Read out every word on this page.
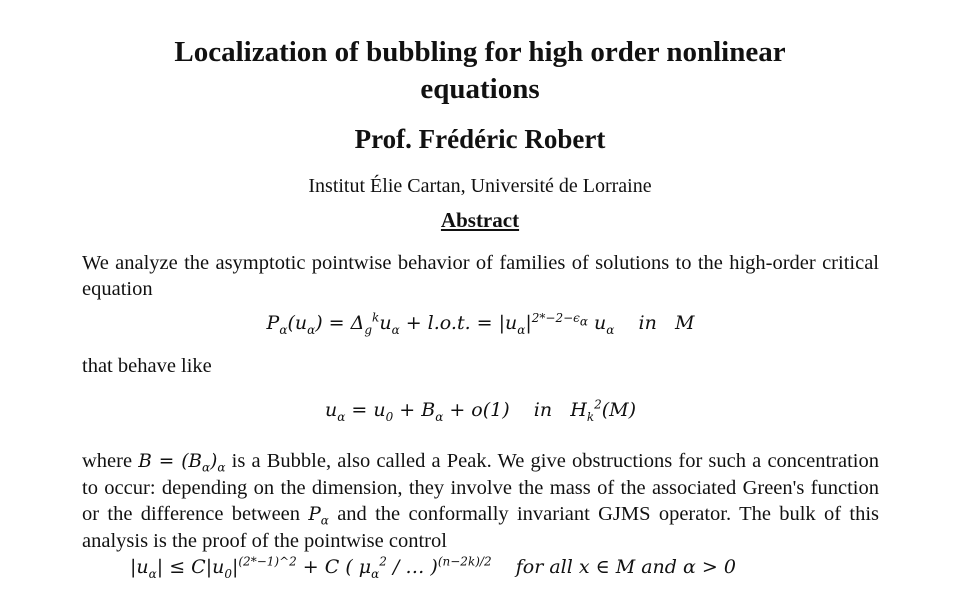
Localization of bubbling for high order nonlinear equations
Prof. Frédéric Robert
Institut Élie Cartan, Université de Lorraine
Abstract
We analyze the asymptotic pointwise behavior of families of solutions to the high-order critical equation
$P_\alpha(u_\alpha) = \Delta_g^ku_\alpha + l.o.t$. = $|u_\alpha|^{2*-2-\epsilon_\alpha}$ $u_\alpha$    in   M
that behave like
$u_\alpha = u_0 + B_\alpha + o(1)$    in   $H_k^2(M)$
where $B = (B_\alpha)_\alpha$ is a Bubble, also called a Peak. We give obstructions for such a concentration to occur: depending on the dimension, they involve the mass of the associated Green's function or the difference between $P_\alpha$ and the conformally invariant GJMS operator. The bulk of this analysis is the proof of the pointwise control
$|u_\alpha| \le C|u_0|^{(2*-1)\^{}2} + C$ ( $\mu_\alpha^2$ / … )$^{(n-2k)/2}$ for all x ∈ M and α > 0
